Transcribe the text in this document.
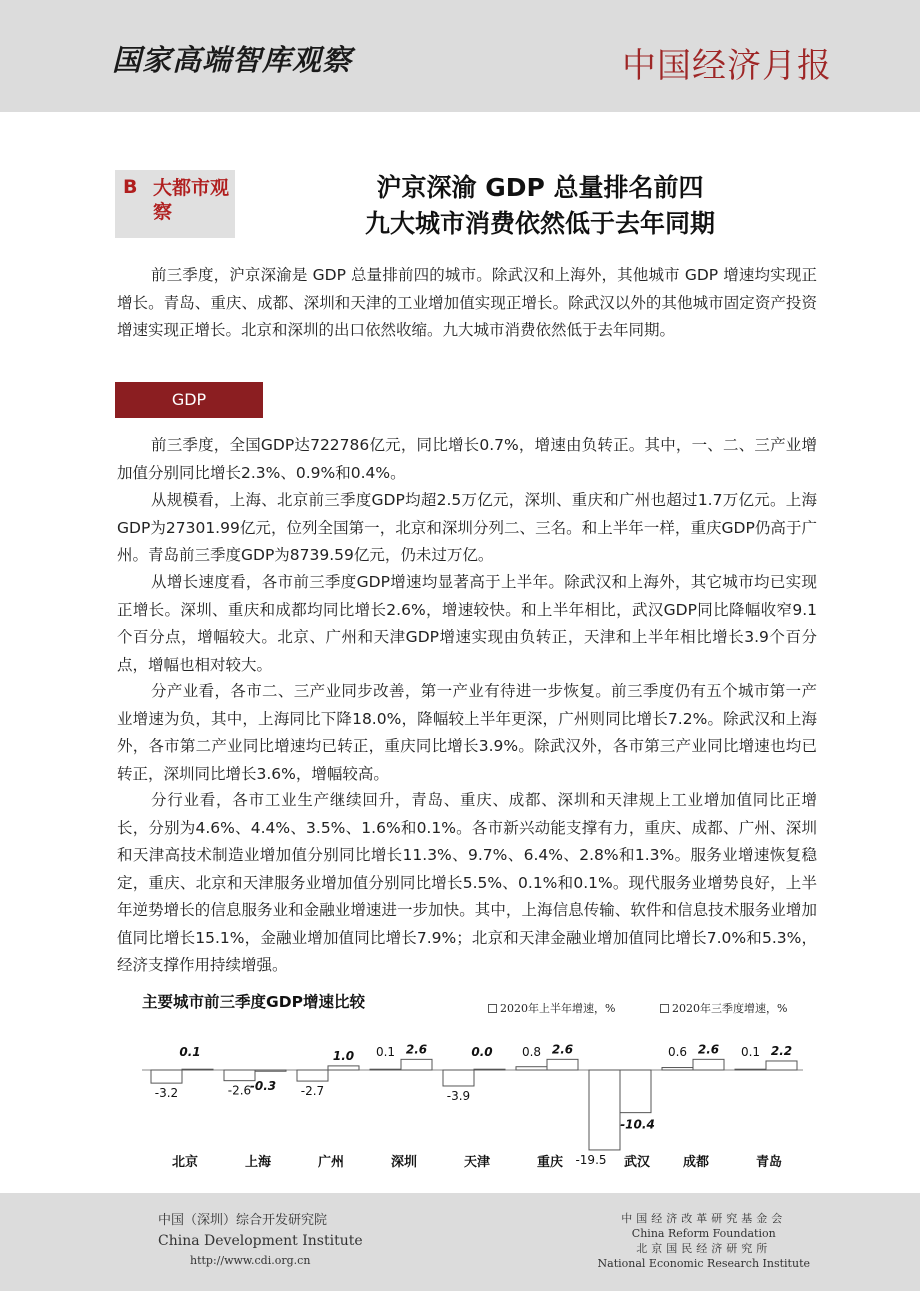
国家高端智库观察	中国经济月报
B 大都市观察
沪京深渝 GDP 总量排名前四
九大城市消费依然低于去年同期
前三季度，沪京深渝是 GDP 总量排前四的城市。除武汉和上海外，其他城市 GDP 增速均实现正增长。青岛、重庆、成都、深圳和天津的工业增加值实现正增长。除武汉以外的其他城市固定资产投资增速实现正增长。北京和深圳的出口依然收缩。九大城市消费依然低于去年同期。
GDP
前三季度，全国GDP达722786亿元，同比增长0.7%，增速由负转正。其中，一、二、三产业增加值分别同比增长2.3%、0.9%和0.4%。
从规模看，上海、北京前三季度GDP均超2.5万亿元，深圳、重庆和广州也超过1.7万亿元。上海GDP为27301.99亿元，位列全国第一，北京和深圳分列二、三名。和上半年一样，重庆GDP仍高于广州。青岛前三季度GDP为8739.59亿元，仍未过万亿。
从增长速度看，各市前三季度GDP增速均显著高于上半年。除武汉和上海外，其它城市均已实现正增长。深圳、重庆和成都均同比增长2.6%，增速较快。和上半年相比，武汉GDP同比降幅收窄9.1个百分点，增幅较大。北京、广州和天津GDP增速实现由负转正，天津和上半年相比增长3.9个百分点，增幅也相对较大。
分产业看，各市二、三产业同步改善，第一产业有待进一步恢复。前三季度仍有五个城市第一产业增速为负，其中，上海同比下降18.0%，降幅较上半年更深，广州则同比增长7.2%。除武汉和上海外，各市第二产业同比增速均已转正，重庆同比增长3.9%。除武汉外，各市第三产业同比增速也均已转正，深圳同比增长3.6%，增幅较高。
分行业看，各市工业生产继续回升，青岛、重庆、成都、深圳和天津规上工业增加值同比正增长，分别为4.6%、4.4%、3.5%、1.6%和0.1%。各市新兴动能支撑有力，重庆、成都、广州、深圳和天津高技术制造业增加值分别同比增长11.3%、9.7%、6.4%、2.8%和1.3%。服务业增速恢复稳定，重庆、北京和天津服务业增加值分别同比增长5.5%、0.1%和0.1%。现代服务业增势良好，上半年逆势增长的信息服务业和金融业增速进一步加快。其中，上海信息传输、软件和信息技术服务业增加值同比增长15.1%，金融业增加值同比增长7.9%；北京和天津金融业增加值同比增长7.0%和5.3%，经济支撑作用持续增强。
主要城市前三季度GDP增速比较	2020年上半年增速，%	2020年三季度增速，%
-3.2
0.1
北京
-2.6
-0.3
上海
-2.7
1.0
广州
0.1 2.6
深圳
-3.9
0.0
天津
0.8 2.6
重庆 -19.5
-10.4
武汉
0.6 2.6
成都
0.1 2.2
青岛
中国（深圳）综合开发研究院
China Development Institute
http://www.cdi.org.cn
中国经济改革研究基金会
China Reform Foundation
北京国民经济研究所
National Economic Research Institute
